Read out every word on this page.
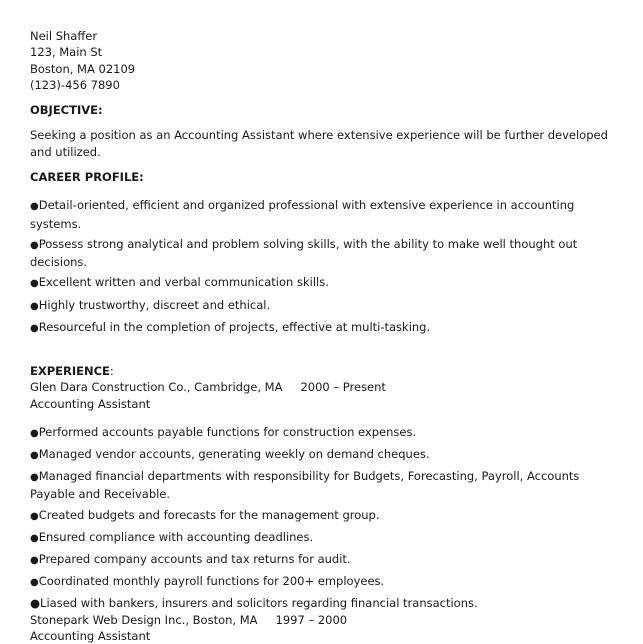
Neil Shaffer
123, Main St
Boston, MA 02109
(123)-456 7890
OBJECTIVE:
Seeking a position as an Accounting Assistant where extensive experience will be further developed and utilized.
CAREER PROFILE:
●Detail-oriented, efficient and organized professional with extensive experience in accounting systems.
●Possess strong analytical and problem solving skills, with the ability to make well thought out decisions.
●Excellent written and verbal communication skills.
●Highly trustworthy, discreet and ethical.
●Resourceful in the completion of projects, effective at multi-tasking.
EXPERIENCE:
Glen Dara Construction Co., Cambridge, MA 2000 – Present
Accounting Assistant
●Performed accounts payable functions for construction expenses.
●Managed vendor accounts, generating weekly on demand cheques.
●Managed financial departments with responsibility for Budgets, Forecasting, Payroll, Accounts Payable and Receivable.
●Created budgets and forecasts for the management group.
●Ensured compliance with accounting deadlines.
●Prepared company accounts and tax returns for audit.
●Coordinated monthly payroll functions for 200+ employees.
●Liased with bankers, insurers and solicitors regarding financial transactions.
Stonepark Web Design Inc., Boston, MA 1997 – 2000
Accounting Assistant
